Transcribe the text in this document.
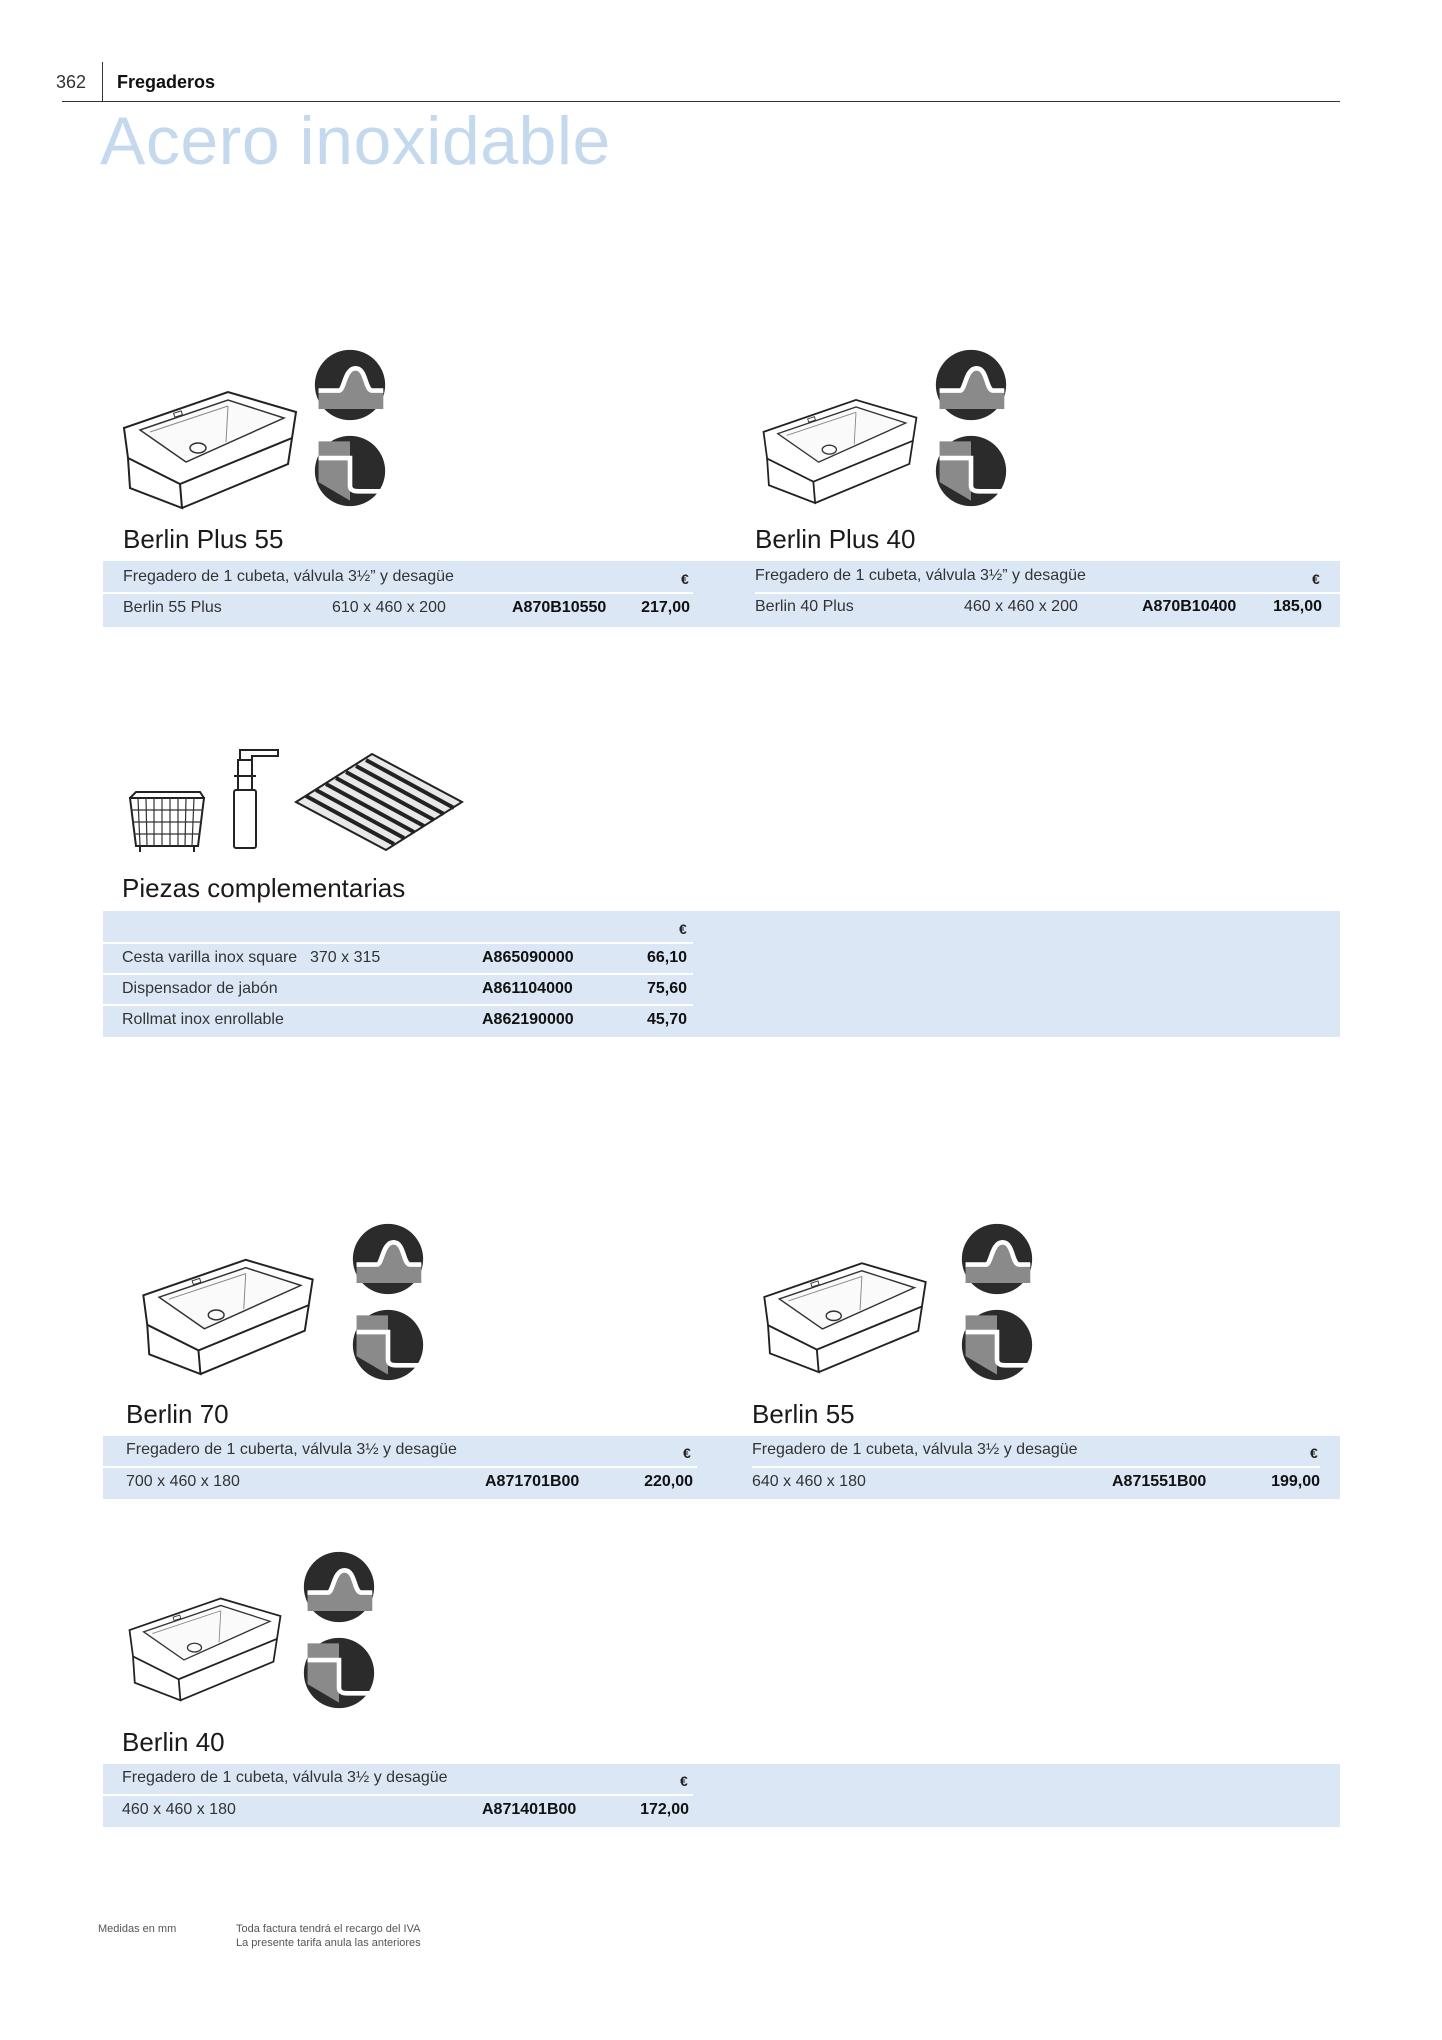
362 Fregaderos
Acero inoxidable
Berlin Plus 55	Berlin Plus 40
Fregadero de 1 cubeta, válvula 3½” y desagüe	€
Berlin 55 Plus	610 x 460 x 200	A870B10550	217,00
Fregadero de 1 cubeta, válvula 3½” y desagüe	€
Berlin 40 Plus	460 x 460 x 200	A870B10400	185,00
Piezas complementarias
€
Cesta varilla inox square 370 x 315	A865090000	66,10
Dispensador de jabón	A861104000	75,60
Rollmat inox enrollable	A862190000	45,70
Berlin 70	Berlin 55
Fregadero de 1 cuberta, válvula 3½ y desagüe	€
700 x 460 x 180	A871701B00	220,00
Fregadero de 1 cubeta, válvula 3½ y desagüe	€
640 x 460 x 180	A871551B00	199,00
Berlin 40
Fregadero de 1 cubeta, válvula 3½ y desagüe	€
460 x 460 x 180	A871401B00	172,00
Medidas en mm	Toda factura tendrá el recargo del IVA
La presente tarifa anula las anteriores
